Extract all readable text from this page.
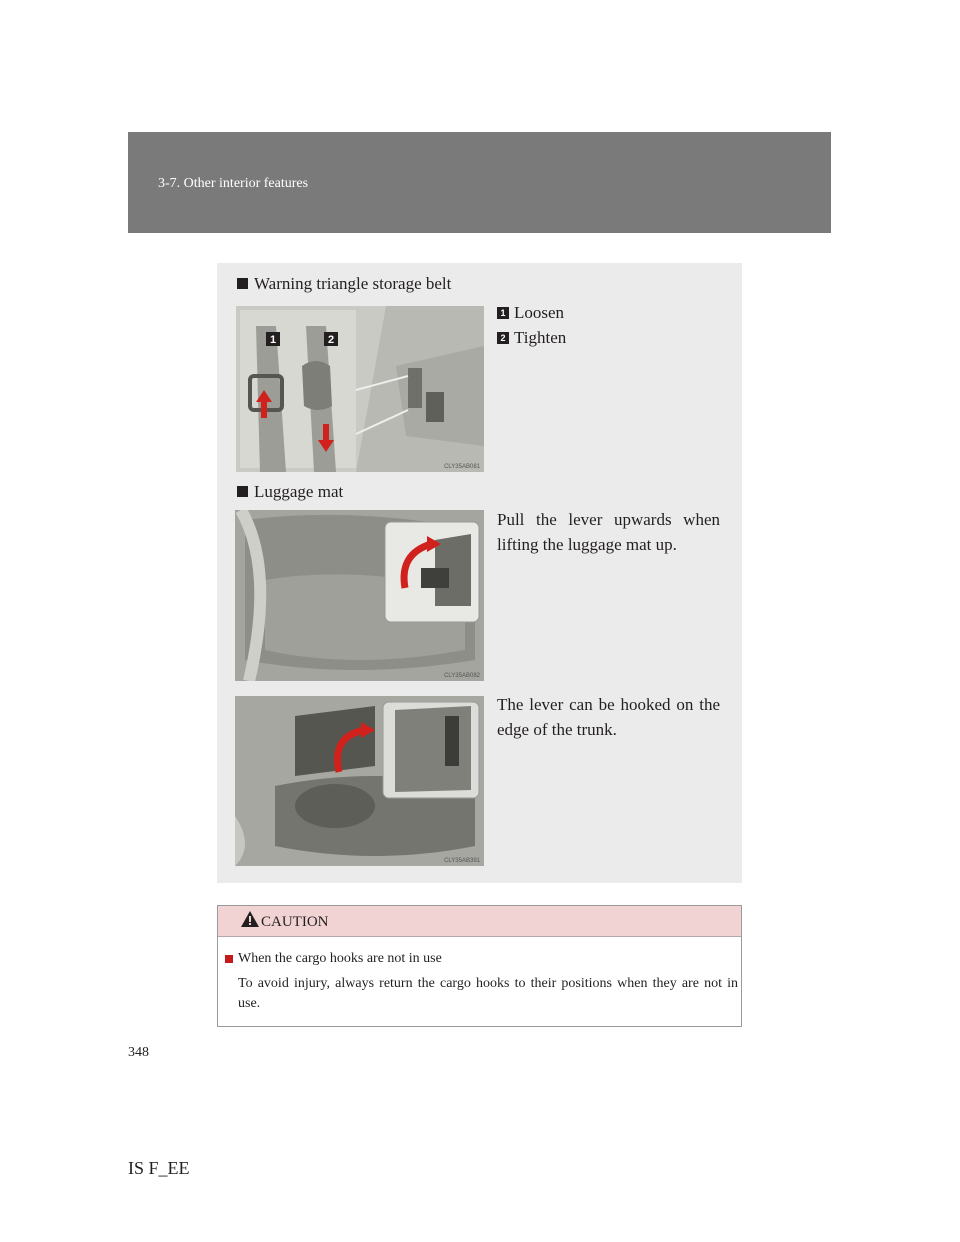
3-7. Other interior features
Warning triangle storage belt
1	2
CLY35AB081
1 Loosen
2 Tighten
Luggage mat
CLY35AB082
Pull the lever upwards when lifting the luggage mat up.
CLY35AB391
The lever can be hooked on the edge of the trunk.
CAUTION
When the cargo hooks are not in use
To avoid injury, always return the cargo hooks to their positions when they are not in use.
348
IS F_EE
